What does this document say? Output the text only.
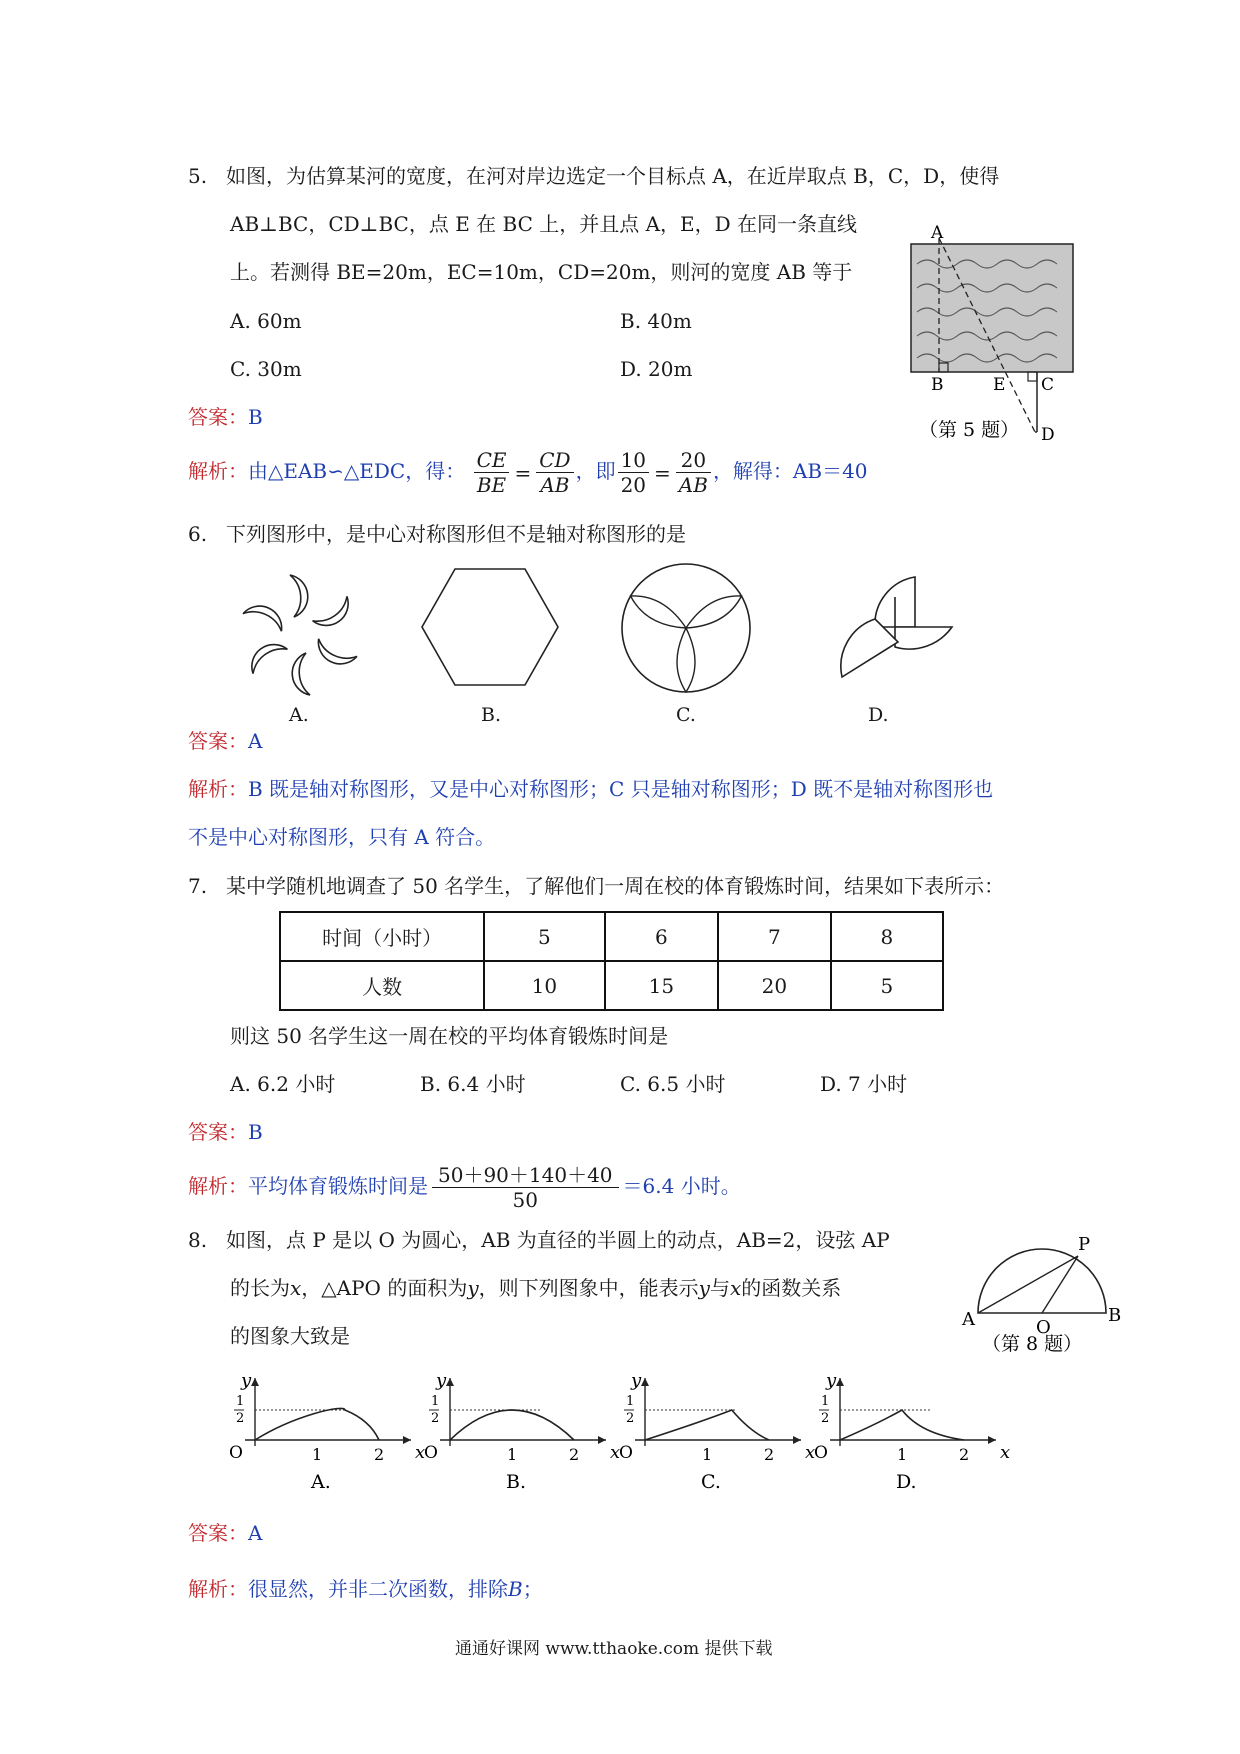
5. 如图，为估算某河的宽度，在河对岸边选定一个目标点 A，在近岸取点 B，C，D，使得
AB⊥BC，CD⊥BC，点 E 在 BC 上，并且点 A，E，D 在同一条直线
上。若测得 BE=20m，EC=10m，CD=20m，则河的宽度 AB 等于
A. 60m	B. 40m
C. 30m	D. 20m
答案：B
解析：由△EAB∽△EDC，得： $\frac{CE}{BE} = \frac{CD}{AB}$ ，即 $\frac{10}{20} = \frac{20}{AB}$ ，解得：AB＝40
A
B	E C
D
（第 5 题）
6. 下列图形中，是中心对称图形但不是轴对称图形的是
A.	B.	C.	D.
答案：A
解析：B 既是轴对称图形，又是中心对称图形；C 只是轴对称图形；D 既不是轴对称图形也
不是中心对称图形，只有 A 符合。
7. 某中学随机地调查了 50 名学生，了解他们一周在校的体育锻炼时间，结果如下表所示：
时间（小时）	5	6	7	8
人数	10	15	20	5
则这 50 名学生这一周在校的平均体育锻炼时间是
A. 6.2 小时	B. 6.4 小时	C. 6.5 小时	D. 7 小时
答案：B
解析：平均体育锻炼时间是 $\frac{50+90+140+40}{50} =6.4$ 小时。
8. 如图，点 P 是以 O 为圆心，AB 为直径的半圆上的动点，AB=2，设弦 AP
的长为x，△APO 的面积为y，则下列图象中，能表示y与x的函数关系
的图象大致是
P
A	O
B
（第 8 题）
y
x
1
2
O	1	2
A.
y
x
1
2
O	1	2
B.
y
x
1
2
O	1	2
C.
y
x
1
2
O	1	2
D.
答案：A
解析：很显然，并非二次函数，排除B；
通通好课网 www.tthaoke.com 提供下载
